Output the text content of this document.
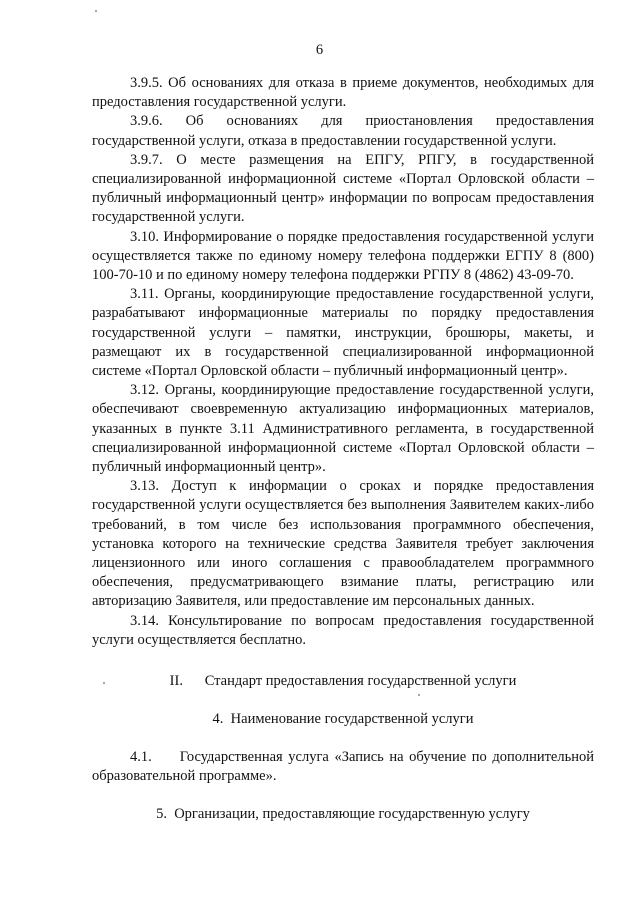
6

3.9.5. Об основаниях для отказа в приеме документов, необходимых для предоставления государственной услуги.

3.9.6. Об основаниях для приостановления предоставления государственной услуги, отказа в предоставлении государственной услуги.

3.9.7. О месте размещения на ЕПГУ, РПГУ, в государственной специализированной информационной системе «Портал Орловской области – публичный информационный центр» информации по вопросам предоставления государственной услуги.

3.10. Информирование о порядке предоставления государственной услуги осуществляется также по единому номеру телефона поддержки ЕГПУ 8 (800) 100-70-10 и по единому номеру телефона поддержки РГПУ 8 (4862) 43-09-70.

3.11. Органы, координирующие предоставление государственной услуги, разрабатывают информационные материалы по порядку предоставления государственной услуги – памятки, инструкции, брошюры, макеты, и размещают их в государственной специализированной информационной системе «Портал Орловской области – публичный информационный центр».

3.12. Органы, координирующие предоставление государственной услуги, обеспечивают своевременную актуализацию информационных материалов, указанных в пункте 3.11 Административного регламента, в государственной специализированной информационной системе «Портал Орловской области – публичный информационный центр».

3.13. Доступ к информации о сроках и порядке предоставления государственной услуги осуществляется без выполнения Заявителем каких-либо требований, в том числе без использования программного обеспечения, установка которого на технические средства Заявителя требует заключения лицензионного или иного соглашения с правообладателем программного обеспечения, предусматривающего взимание платы, регистрацию или авторизацию Заявителя, или предоставление им персональных данных.

3.14. Консультирование по вопросам предоставления государственной услуги осуществляется бесплатно.

II.      Стандарт предоставления государственной услуги

4.  Наименование государственной услуги

4.1.     Государственная услуга «Запись на обучение по дополнительной образовательной программе».

5.  Организации, предоставляющие государственную услугу
